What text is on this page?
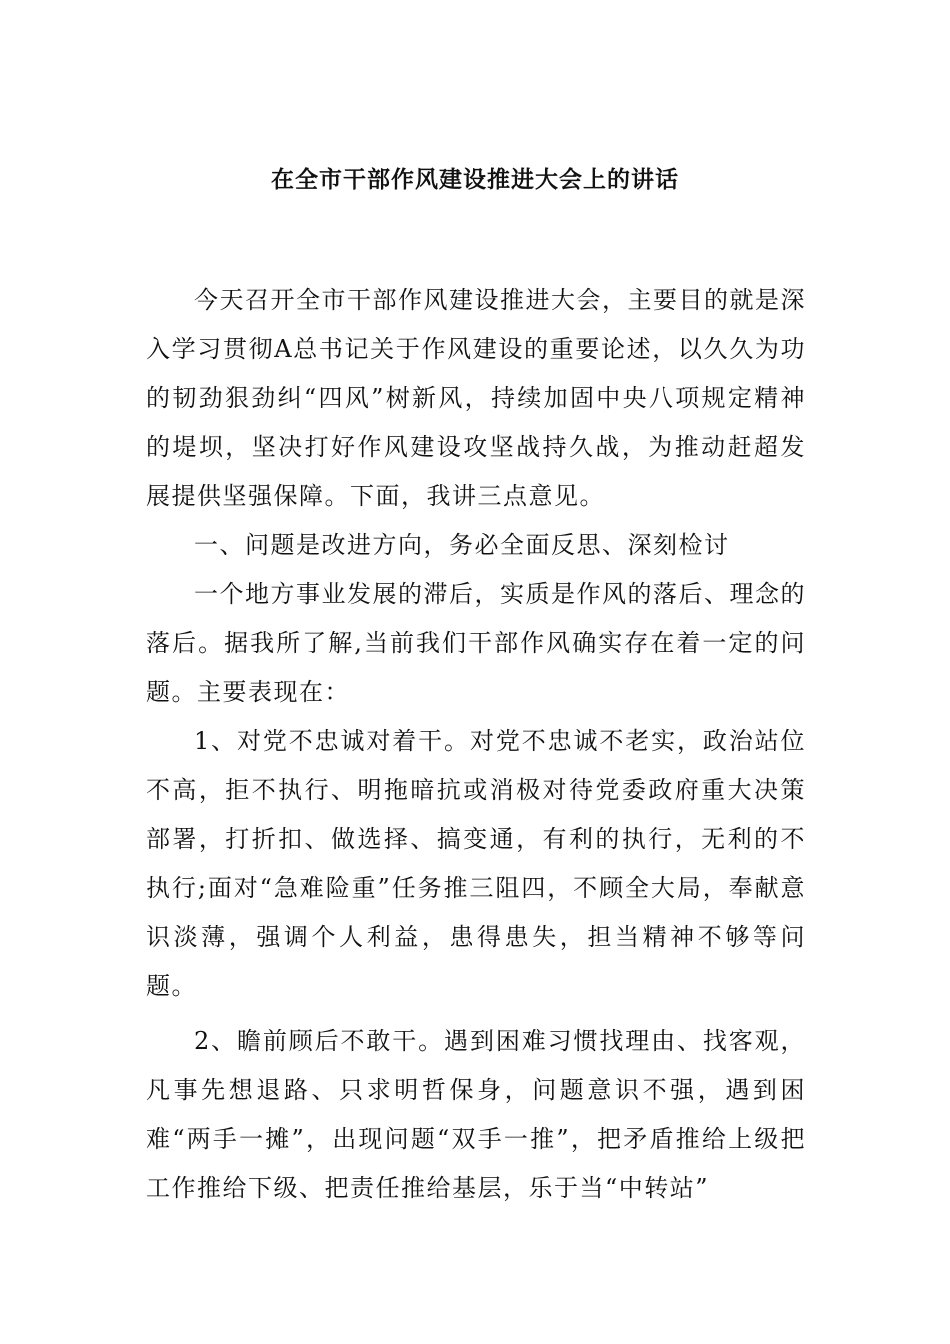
在全市干部作风建设推进大会上的讲话

今天召开全市干部作风建设推进大会，主要目的就是深入学习贯彻A总书记关于作风建设的重要论述，以久久为功的韧劲狠劲纠“四风”树新风，持续加固中央八项规定精神的堤坝，坚决打好作风建设攻坚战持久战，为推动赶超发展提供坚强保障。下面，我讲三点意见。

一、问题是改进方向，务必全面反思、深刻检讨

一个地方事业发展的滞后，实质是作风的落后、理念的落后。据我所了解,当前我们干部作风确实存在着一定的问题。主要表现在：

1、对党不忠诚对着干。对党不忠诚不老实，政治站位不高，拒不执行、明拖暗抗或消极对待党委政府重大决策部署，打折扣、做选择、搞变通，有利的执行，无利的不执行;面对“急难险重”任务推三阻四，不顾全大局，奉献意识淡薄，强调个人利益，患得患失，担当精神不够等问题。

2、瞻前顾后不敢干。遇到困难习惯找理由、找客观，凡事先想退路、只求明哲保身，问题意识不强，遇到困难“两手一摊”，出现问题“双手一推”，把矛盾推给上级把工作推给下级、把责任推给基层，乐于当“中转站”
